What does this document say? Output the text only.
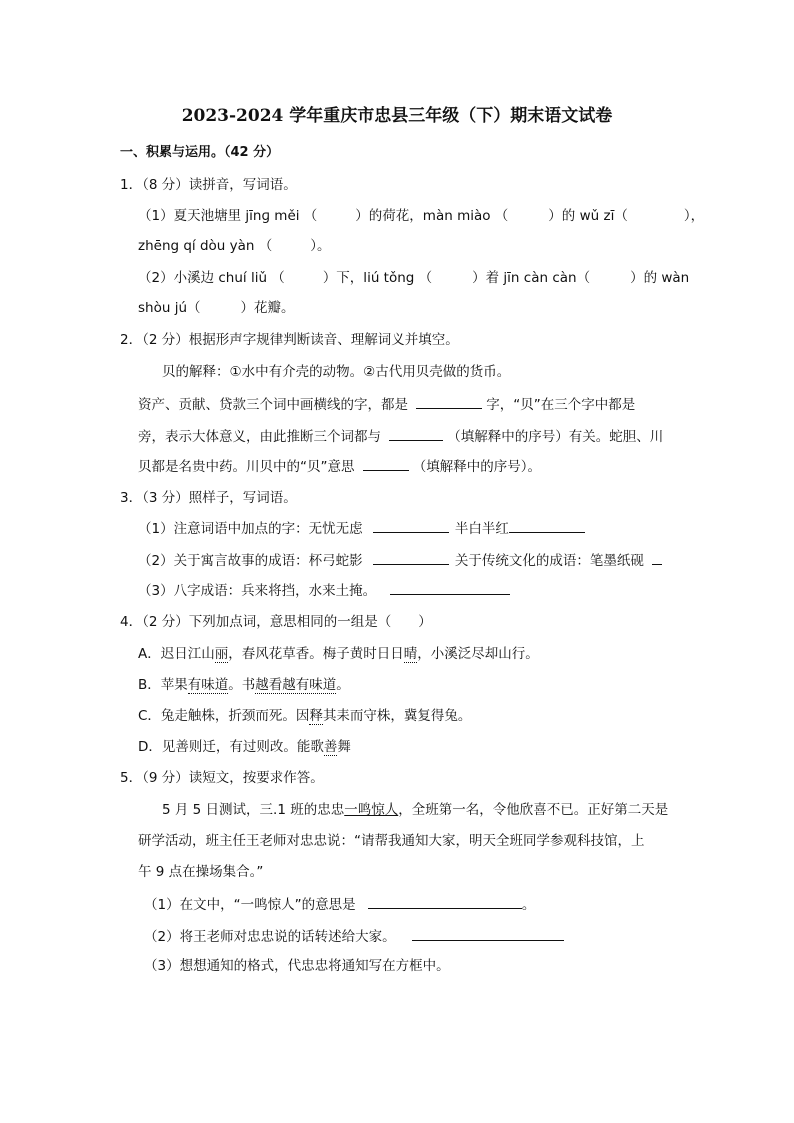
2023-2024 学年重庆市忠县三年级（下）期末语文试卷
一、积累与运用。（42 分）
1．（8 分）读拼音，写词语。
（1）夏天池塘里 jīnɡ měi （	）的荷花，màn miào （	）的 wǔ zī（	），
zhēng qí dòu yàn （	）。
（2）小溪边 chuí liǔ （	）下，liú tǒng （	）着 jīn càn càn（	）的 wàn
shòu jú（	）花瓣。
2．（2 分）根据形声字规律判断读音、理解词义并填空。
贝的解释：①水中有介壳的动物。②古代用贝壳做的货币。
资产、贡献、贷款三个词中画横线的字，都是	字，“贝”在三个字中都是
旁，表示大体意义，由此推断三个词都与	（填解释中的序号）有关。蛇胆、川
贝都是名贵中药。川贝中的“贝”意思	（填解释中的序号）。
3．（3 分）照样子，写词语。
（1）注意词语中加点的字：无忧无虑	半白半红
（2）关于寓言故事的成语：杯弓蛇影	关于传统文化的成语：笔墨纸砚
（3）八字成语：兵来将挡，水来土掩。
4．（2 分）下列加点词，意思相同的一组是（　　）
A．迟日江山丽，春风花草香。梅子黄时日日晴，小溪泛尽却山行。
B．苹果有味道。书越看越有味道。
C．兔走触株，折颈而死。因释其耒而守株，冀复得兔。
D．见善则迁，有过则改。能歌善舞
5．（9 分）读短文，按要求作答。
5 月 5 日测试，三.1 班的忠忠一鸣惊人，全班第一名，令他欣喜不已。正好第二天是
研学活动，班主任王老师对忠忠说：“请帮我通知大家，明天全班同学参观科技馆，上
午 9 点在操场集合。”
（1）在文中，“一鸣惊人”的意思是	。
（2）将王老师对忠忠说的话转述给大家。
（3）想想通知的格式，代忠忠将通知写在方框中。
